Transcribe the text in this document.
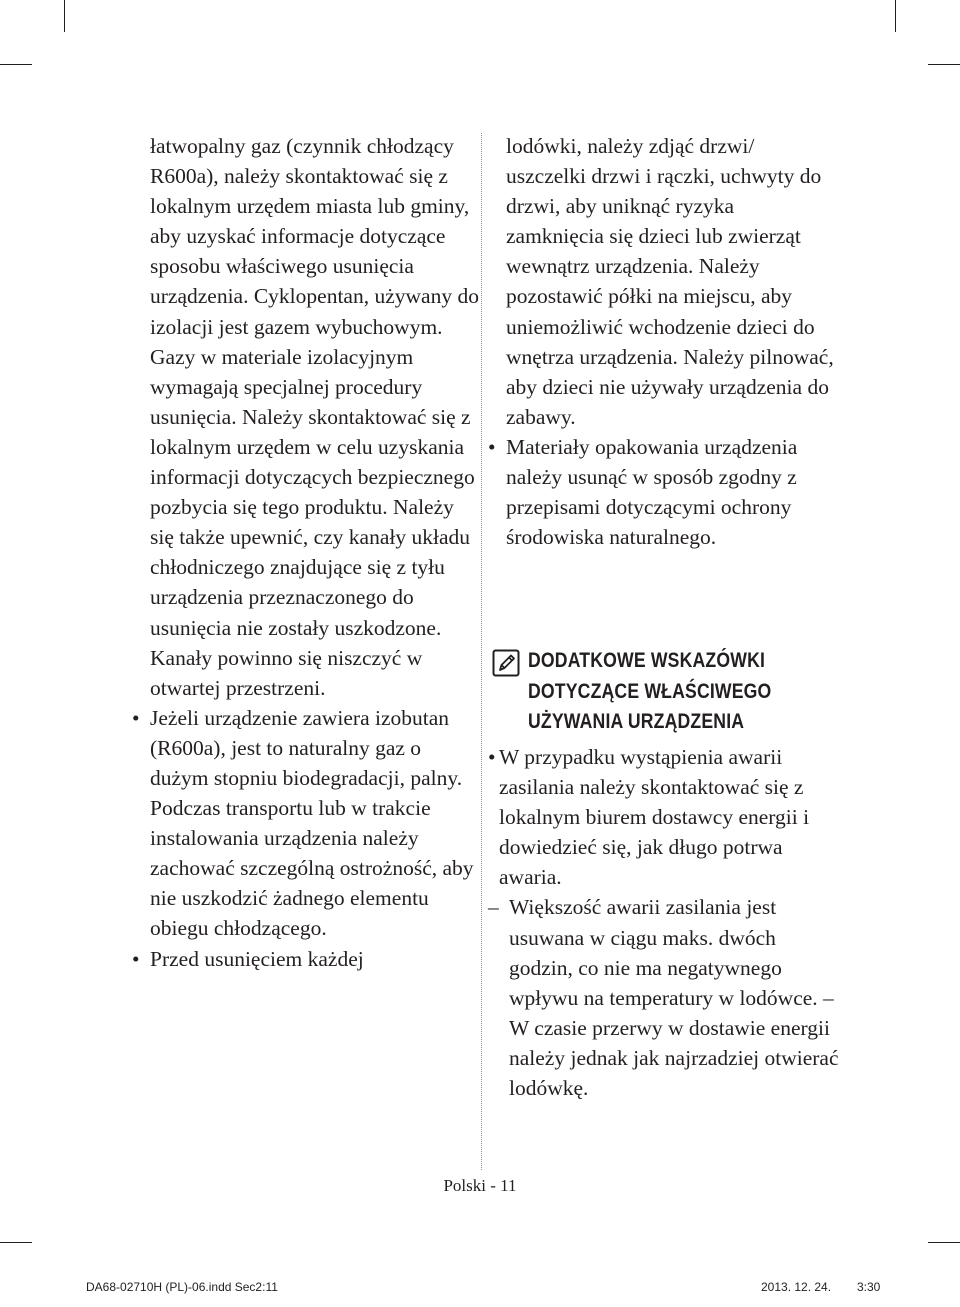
łatwopalny gaz (czynnik chłodzący R600a), należy skontaktować się z lokalnym urzędem miasta lub gminy, aby uzyskać informacje dotyczące sposobu właściwego usunięcia urządzenia. Cyklopentan, używany do izolacji jest gazem wybuchowym. Gazy w materiale izolacyjnym wymagają specjalnej procedury usunięcia. Należy skontaktować się z lokalnym urzędem w celu uzyskania informacji dotyczących bezpiecznego pozbycia się tego produktu. Należy się także upewnić, czy kanały układu chłodniczego znajdujące się z tyłu urządzenia przeznaczonego do usunięcia nie zostały uszkodzone. Kanały powinno się niszczyć w otwartej przestrzeni.

• Jeżeli urządzenie zawiera izobutan (R600a), jest to naturalny gaz o dużym stopniu biodegradacji, palny. Podczas transportu lub w trakcie instalowania urządzenia należy zachować szczególną ostrożność, aby nie uszkodzić żadnego elementu obiegu chłodzącego.

• Przed usunięciem każdej

lodówki, należy zdjąć drzwi/ uszczelki drzwi i rączki, uchwyty do drzwi, aby uniknąć ryzyka zamknięcia się dzieci lub zwierząt wewnątrz urządzenia. Należy pozostawić półki na miejscu, aby uniemożliwić wchodzenie dzieci do wnętrza urządzenia. Należy pilnować, aby dzieci nie używały urządzenia do zabawy.

• Materiały opakowania urządzenia należy usunąć w sposób zgodny z przepisami dotyczącymi ochrony środowiska naturalnego.

DODATKOWE WSKAZÓWKI
DOTYCZĄCE WŁAŚCIWEGO
UŻYWANIA URZĄDZENIA

• W przypadku wystąpienia awarii zasilania należy skontaktować się z lokalnym biurem dostawcy energii i dowiedzieć się, jak długo potrwa awaria.

– Większość awarii zasilania jest usuwana w ciągu maks. dwóch godzin, co nie ma negatywnego wpływu na temperatury w lodówce. – W czasie przerwy w dostawie energii należy jednak jak najrzadziej otwierać lodówkę.

Polski - 11
DA68-02710H (PL)-06.indd Sec2:11	2013. 12. 24. 3:30
